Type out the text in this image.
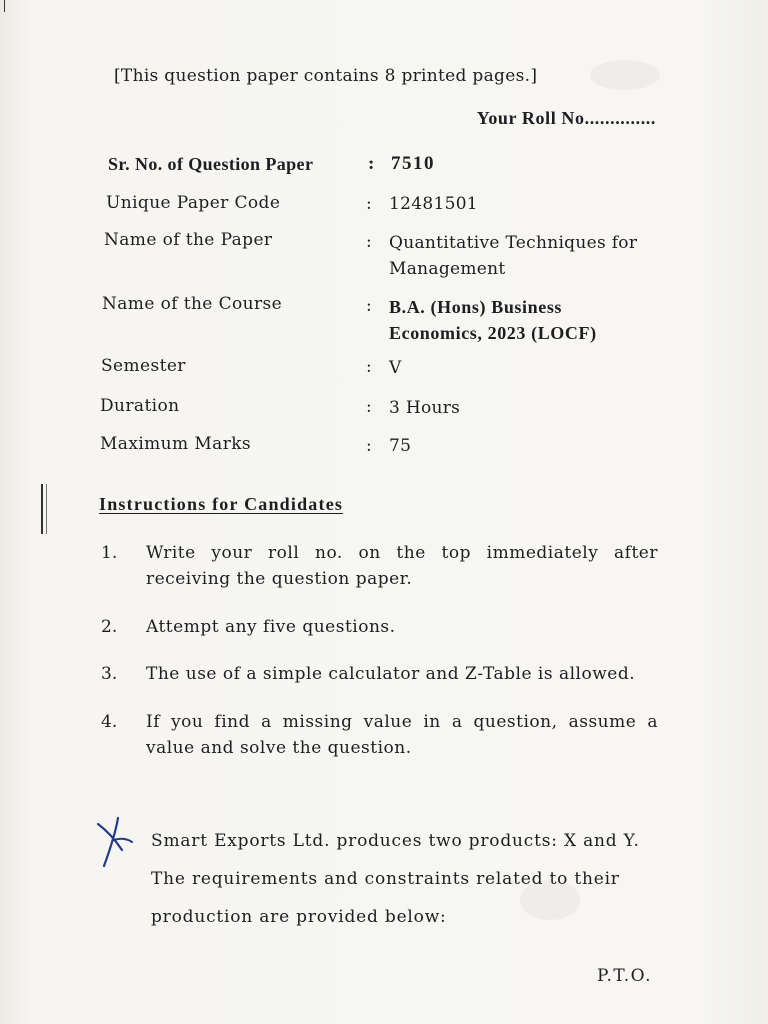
[This question paper contains 8 printed pages.]
Your Roll No..............
Sr. No. of Question Paper	: 7510
Unique Paper Code	: 12481501
Name of the Paper	: Quantitative Techniques for
Management
Name of the Course	: B.A. (Hons) Business
Economics, 2023 (LOCF)
Semester	: V
Duration	: 3 Hours
Maximum Marks	: 75
Instructions for Candidates
1. Write your roll no. on the top immediately after receiving the question paper.
2. Attempt any five questions.
3. The use of a simple calculator and Z-Table is allowed.
4. If you find a missing value in a question, assume a value and solve the question.
Smart Exports Ltd. produces two products: X and Y.
The requirements and constraints related to their
production are provided below:
P.T.O.
